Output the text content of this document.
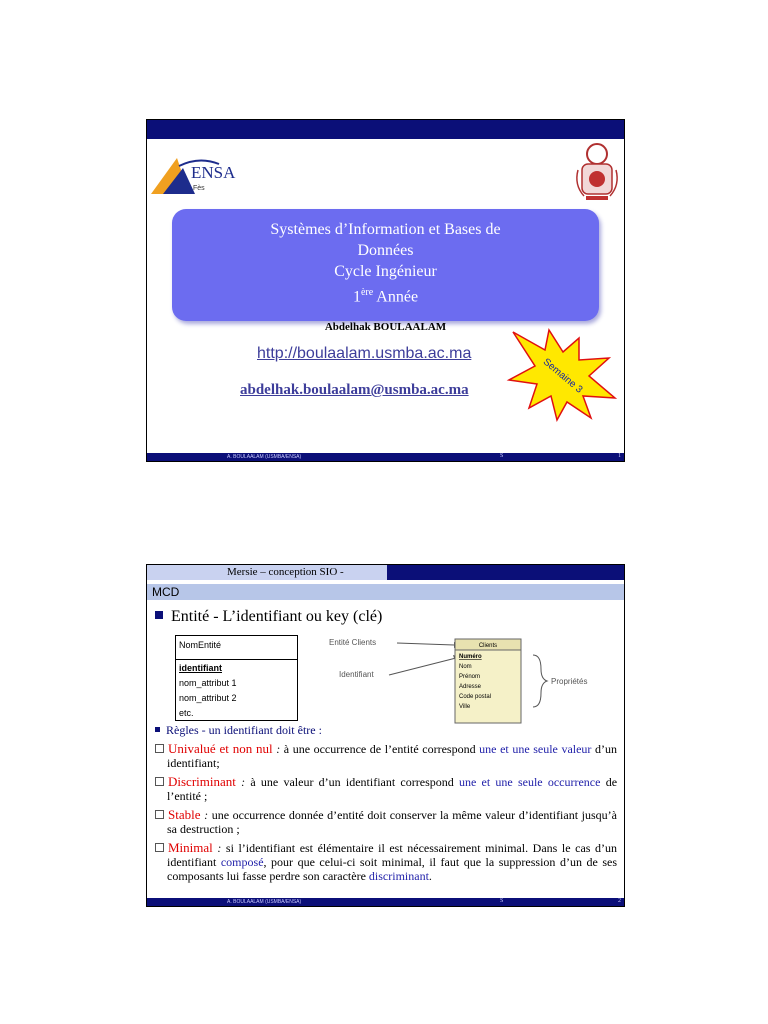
ENSA
Fès
Systèmes d’Information et Bases de
Données
Cycle Ingénieur
1ère Année
Abdelhak BOULAALAM
http://boulaalam.usmba.ac.ma
abdelhak.boulaalam@usmba.ac.ma	Semaine 3
A. BOULAALAM (USMBA/ENSA)	S	1
Mersie – conception SIO -
MCD
Entité - L’identifiant ou key (clé)
NomEntité
identifiant
nom_attribut 1
nom_attribut 2
etc.
Entité Clients
Identifiant
Clients
Numéro
Nom
Prénom
Adresse
Code postal
Ville
Propriétés
Règles - un identifiant doit être :
Univalué et non nul : à une occurrence de l’entité correspond une et une seule valeur d’un identifiant;
Discriminant : à une valeur d’un identifiant correspond une et une seule occurrence de l’entité ;
Stable : une occurrence donnée d’entité doit conserver la même valeur d’identifiant jusqu’à sa destruction ;
Minimal : si l’identifiant est élémentaire il est nécessairement minimal. Dans le cas d’un identifiant composé, pour que celui-ci soit minimal, il faut que la suppression d’un de ses composants lui fasse perdre son caractère discriminant.
A. BOULAALAM (USMBA/ENSA)	S	2
